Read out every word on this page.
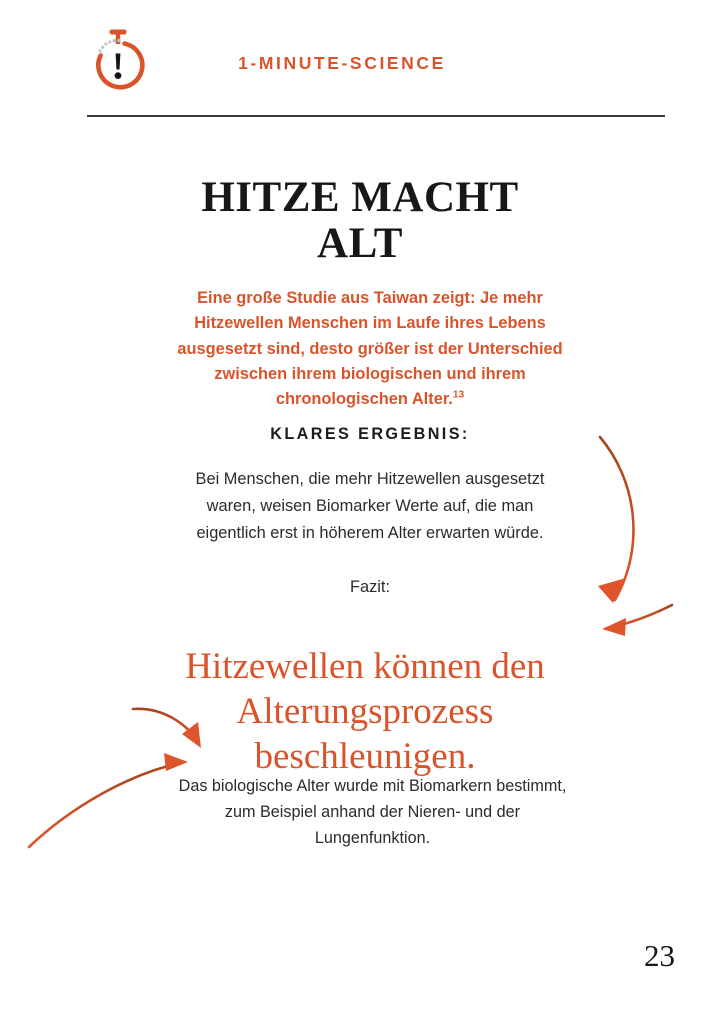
1-MINUTE-SCIENCE
HITZE MACHT
ALT

Eine große Studie aus Taiwan zeigt: Je mehr Hitzewellen Menschen im Laufe ihres Lebens ausgesetzt sind, desto größer ist der Unterschied zwischen ihrem biologischen und ihrem chronologischen Alter.$^{13}$

KLARES ERGEBNIS:

Bei Menschen, die mehr Hitzewellen ausgesetzt waren, weisen Biomarker Werte auf, die man eigentlich erst in höherem Alter erwarten würde.

Fazit:

Hitzewellen können den Alterungsprozess beschleunigen.

Das biologische Alter wurde mit Biomarkern bestimmt, zum Beispiel anhand der Nieren- und der Lungenfunktion.

23
